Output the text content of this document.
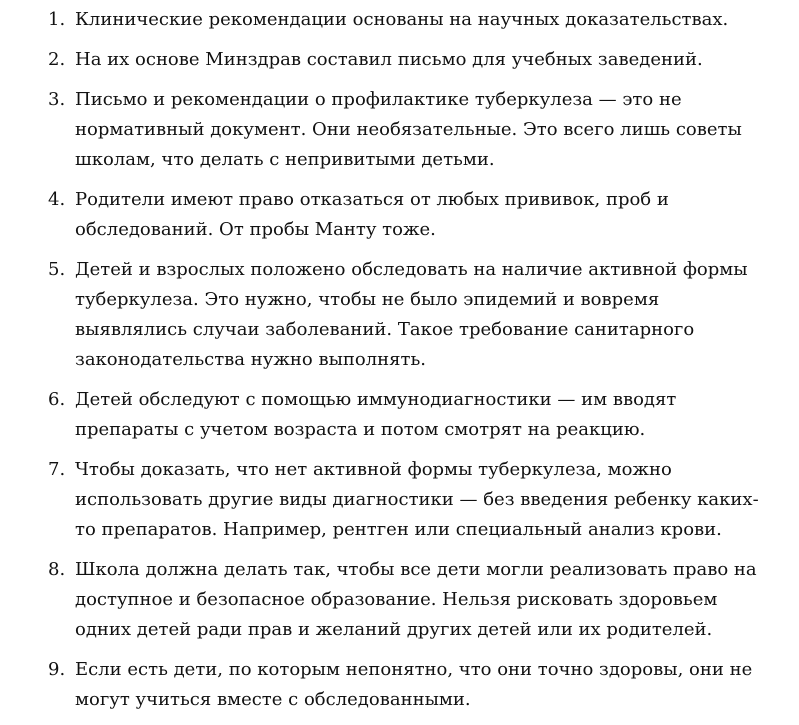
1. Клинические рекомендации основаны на научных доказательствах.
2. На их основе Минздрав составил письмо для учебных заведений.
3. Письмо и рекомендации о профилактике туберкулеза — это не нормативный документ. Они необязательные. Это всего лишь советы школам, что делать с непривитыми детьми.
4. Родители имеют право отказаться от любых прививок, проб и обследований. От пробы Манту тоже.
5. Детей и взрослых положено обследовать на наличие активной формы туберкулеза. Это нужно, чтобы не было эпидемий и вовремя выявлялись случаи заболеваний. Такое требование санитарного законодательства нужно выполнять.
6. Детей обследуют с помощью иммунодиагностики — им вводят препараты с учетом возраста и потом смотрят на реакцию.
7. Чтобы доказать, что нет активной формы туберкулеза, можно использовать другие виды диагностики — без введения ребенку каких-то препаратов. Например, рентген или специальный анализ крови.
8. Школа должна делать так, чтобы все дети могли реализовать право на доступное и безопасное образование. Нельзя рисковать здоровьем одних детей ради прав и желаний других детей или их родителей.
9. Если есть дети, по которым непонятно, что они точно здоровы, они не могут учиться вместе с обследованными.
